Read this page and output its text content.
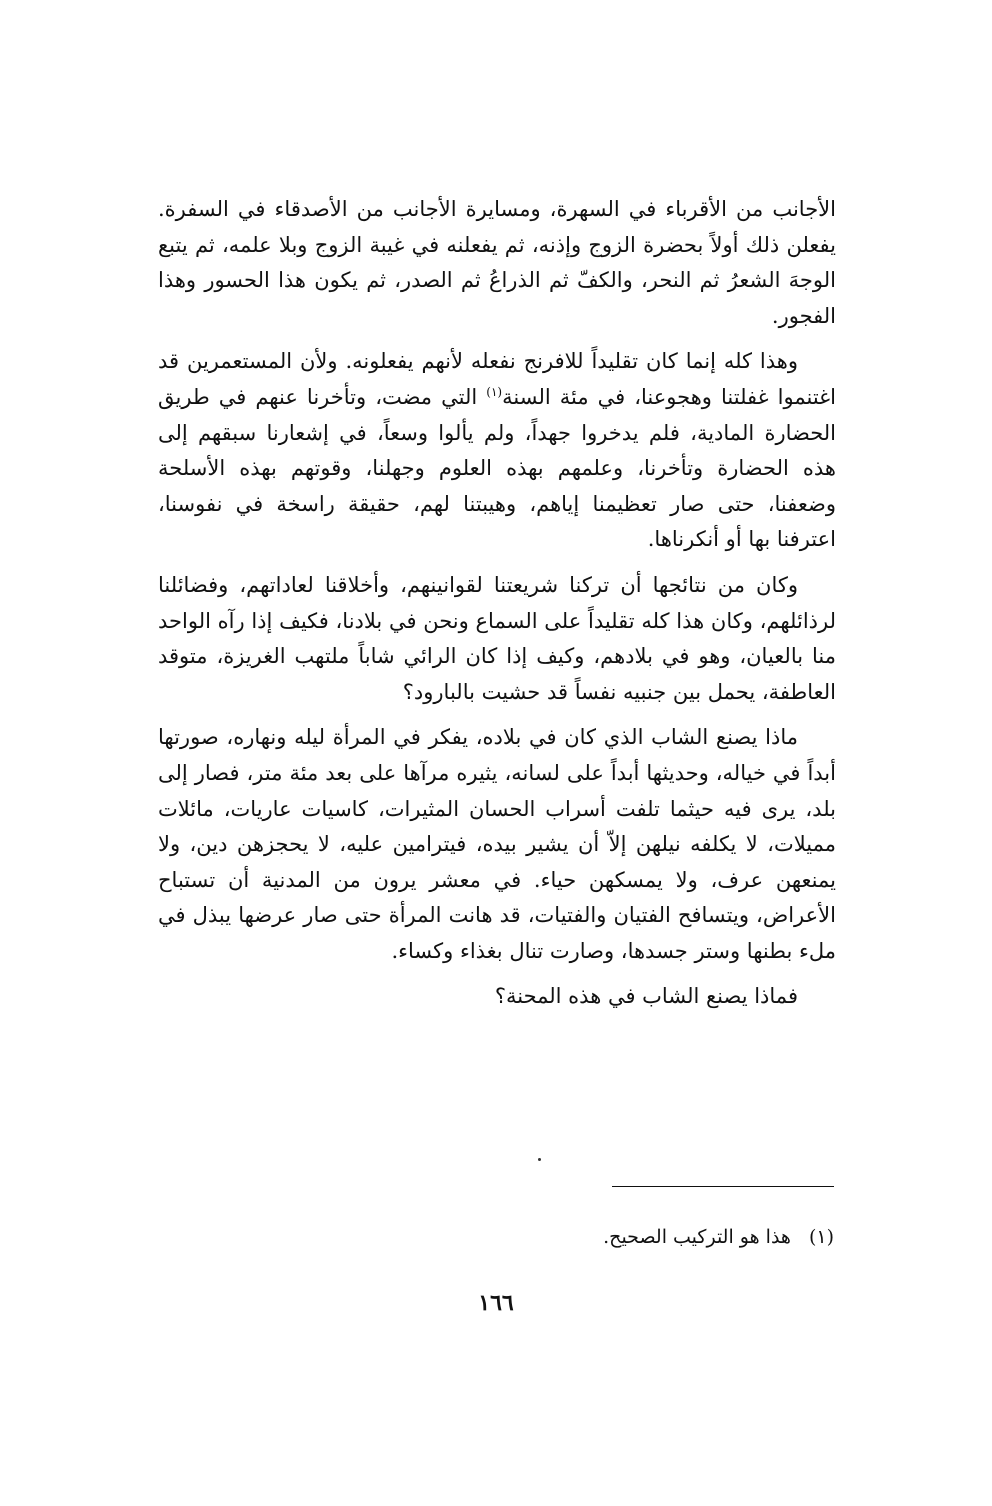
الأجانب من الأقرباء في السهرة، ومسايرة الأجانب من الأصدقاء في السفرة. يفعلن ذلك أولاً بحضرة الزوج وإذنه، ثم يفعلنه في غيبة الزوج وبلا علمه، ثم يتبع الوجهَ الشعرُ ثم النحر، والكفّ ثم الذراعُ ثم الصدر، ثم يكون هذا الحسور وهذا الفجور.

وهذا كله إنما كان تقليداً للافرنج نفعله لأنهم يفعلونه. ولأن المستعمرين قد اغتنموا غفلتنا وهجوعنا، في مئة السنة$^{(١)}$ التي مضت، وتأخرنا عنهم في طريق الحضارة المادية، فلم يدخروا جهداً، ولم يألوا وسعاً، في إشعارنا سبقهم إلى هذه الحضارة وتأخرنا، وعلمهم بهذه العلوم وجهلنا، وقوتهم بهذه الأسلحة وضعفنا، حتى صار تعظيمنا إياهم، وهيبتنا لهم، حقيقة راسخة في نفوسنا، اعترفنا بها أو أنكرناها.

وكان من نتائجها أن تركنا شريعتنا لقوانينهم، وأخلاقنا لعاداتهم، وفضائلنا لرذائلهم، وكان هذا كله تقليداً على السماع ونحن في بلادنا، فكيف إذا رآه الواحد منا بالعيان، وهو في بلادهم، وكيف إذا كان الرائي شاباً ملتهب الغريزة، متوقد العاطفة، يحمل بين جنبيه نفساً قد حشيت بالبارود؟

ماذا يصنع الشاب الذي كان في بلاده، يفكر في المرأة ليله ونهاره، صورتها أبداً في خياله، وحديثها أبداً على لسانه، يثيره مرآها على بعد مئة متر، فصار إلى بلد، يرى فيه حيثما تلفت أسراب الحسان المثيرات، كاسيات عاريات، مائلات مميلات، لا يكلفه نيلهن إلاّ أن يشير بيده، فيترامين عليه، لا يحجزهن دين، ولا يمنعهن عرف، ولا يمسكهن حياء. في معشر يرون من المدنية أن تستباح الأعراض، ويتسافح الفتيان والفتيات، قد هانت المرأة حتى صار عرضها يبذل في ملء بطنها وستر جسدها، وصارت تنال بغذاء وكساء.

فماذا يصنع الشاب في هذه المحنة؟

(١)هذا هو التركيب الصحيح.
١٦٦
